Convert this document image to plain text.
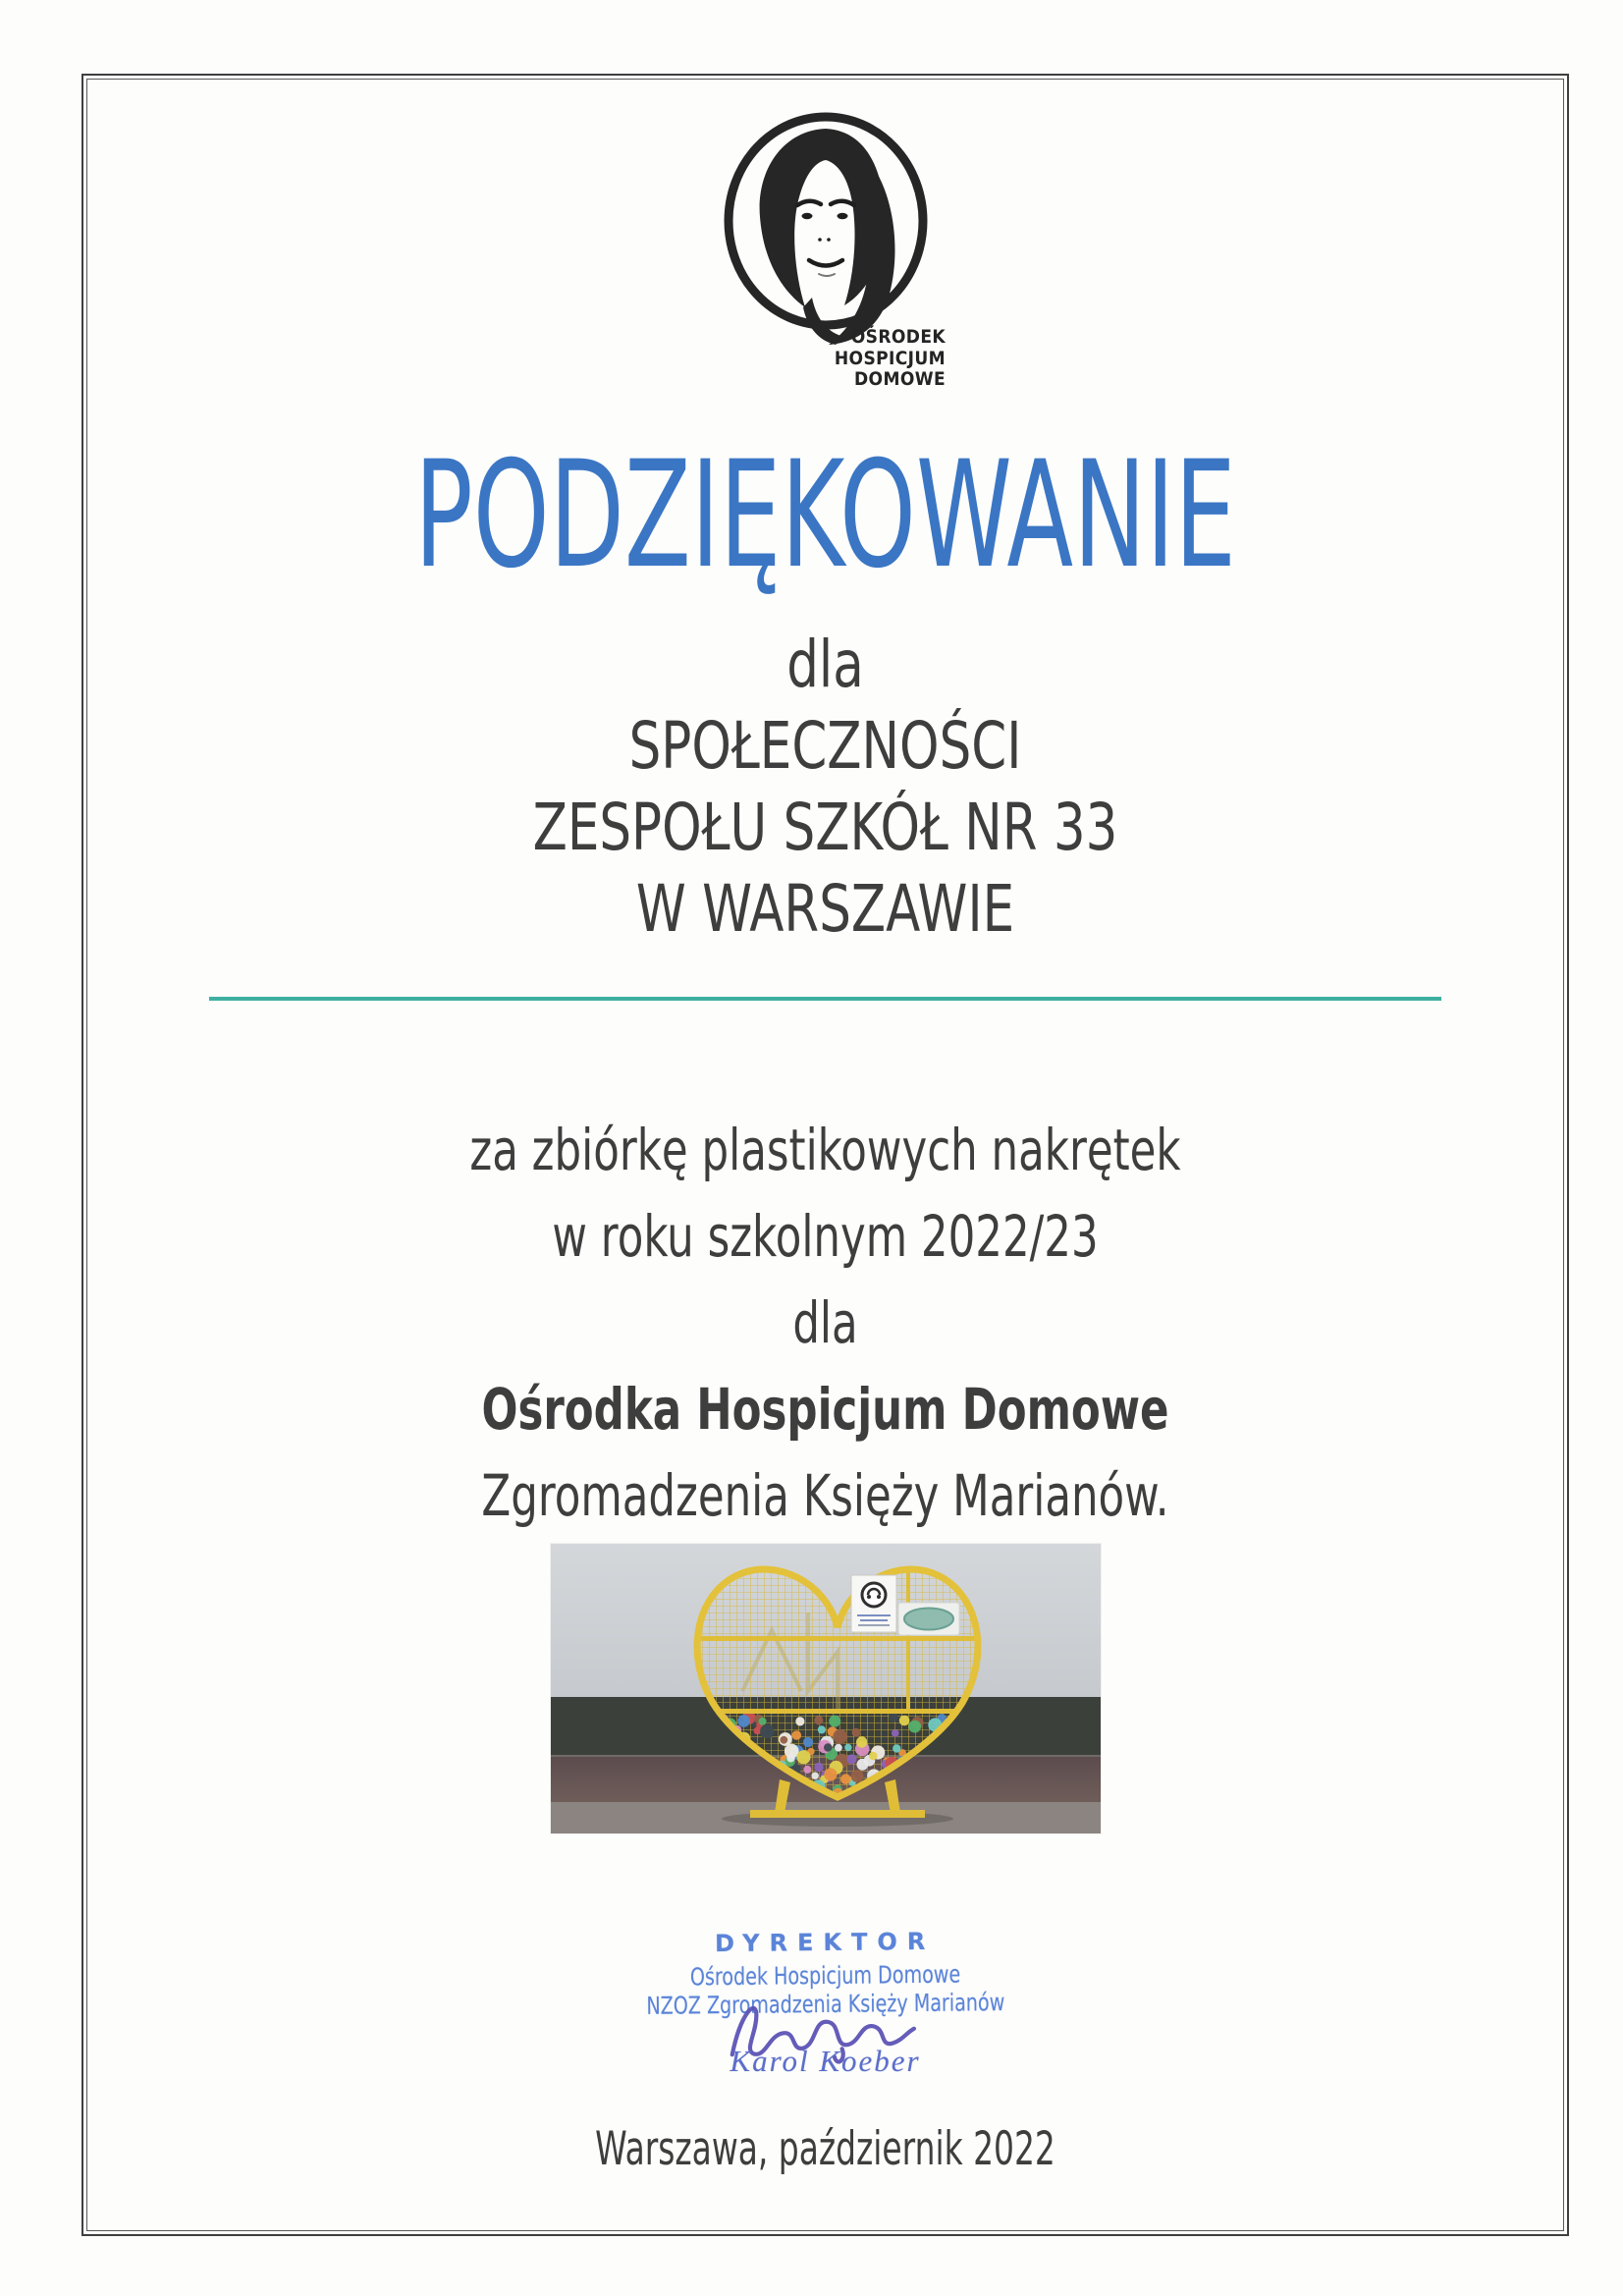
OŚRODEK
HOSPICJUM
DOMOWE
PODZIĘKOWANIE
dla
SPOŁECZNOŚCI
ZESPOŁU SZKÓŁ NR 33
W WARSZAWIE
za zbiórkę plastikowych nakrętek
w roku szkolnym 2022/23
dla
Ośrodka Hospicjum Domowe
Zgromadzenia Księży Marianów.
DYREKTOR
Ośrodek Hospicjum Domowe
NZOZ Zgromadzenia Księży Marianów
Karol Koeber
Warszawa, październik 2022
